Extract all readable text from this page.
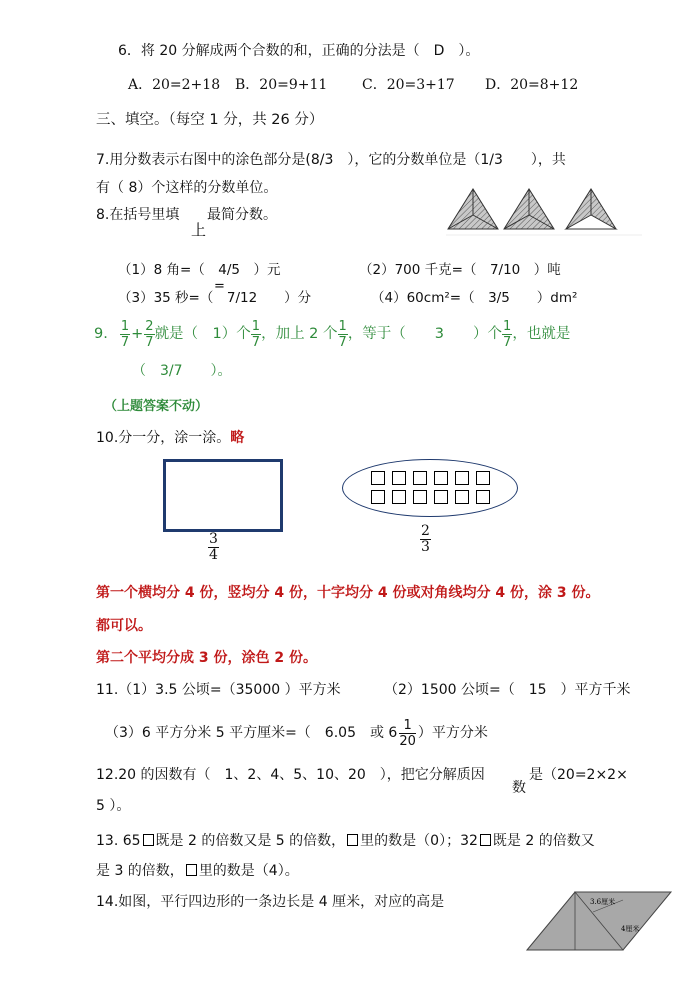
6．将 20 分解成两个合数的和，正确的分法是（　D　）。
A．20=2+18 B．20=9+11 C．20=3+17 D．20=8+12
三、填空。（每空 1 分，共 26 分）
7.用分数表示右图中的涂色部分是(8/3　），它的分数单位是（1/3　　），共
有（ 8）个这样的分数单位。
8.在括号里填 最简分数。
上
=
（1）8 角=（　4/5　）元	（2）700 千克=（　7/10　）吨
（3）35 秒=（　7/12　　）分	（4）60cm²=（　3/5　　）dm²
9. $\frac{1}{7} + \frac{2}{7}$ 就是（　1）个 $\frac{1}{7}$ ，加上 2 个 $\frac{1}{7}$ ，等于（　　3　　）个 $\frac{1}{7}$ ，也就是
（　3/7　　）。
（上题答案不动）
10.分一分，涂一涂。略
$\frac{3}{4}$	$\frac{2}{3}$
第一个横均分 4 份，竖均分 4 份，十字均分 4 份或对角线均分 4 份，涂 3 份。
都可以。
第二个平均分成 3 份，涂色 2 份。
11.（1）3.5 公顷=（35000 ）平方米	（2）1500 公顷=（　15　）平方千米
（3）6 平方分米 5 平方厘米=（　6.05　或 $6 \frac{1}{20}$ ）平方分米
12.20 的因数有（　1、2、4、5、10、20　），把它分解质因
数
是（20=2×2×
5 ）。
13. 65 既是 2 的倍数又是 5 的倍数， 里的数是（0）；32 既是 2 的倍数又
是 3 的倍数， 里的数是（4）。
14.如图，平行四边形的一条边长是 4 厘米，对应的高是	3.6厘米
4厘米
